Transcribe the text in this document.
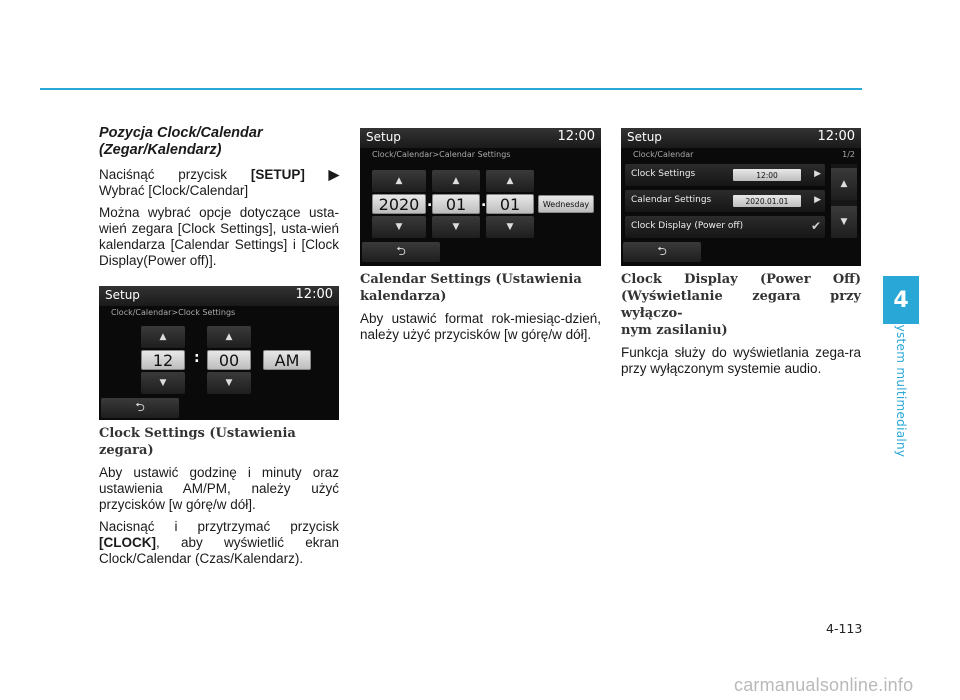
4
System multimedialny
Pozycja Clock/Calendar
(Zegar/Kalendarz)
Naciśnąć przycisk [SETUP] ▶
Wybrać [Clock/Calendar]
Można wybrać opcje dotyczące usta-wień zegara [Clock Settings], usta-wień kalendarza [Calendar Settings] i [Clock Display(Power off)].
Setup	12:00
Clock/Calendar>Clock Settings
▲	▲
12	:	00	AM
▼	▼
⮌
Clock Settings (Ustawienia zegara)
Aby ustawić godzinę i minuty oraz ustawienia AM/PM, należy użyć przycisków [w górę/w dół].
Nacisnąć i przytrzymać przycisk [CLOCK], aby wyświetlić ekran Clock/Calendar (Czas/Kalendarz).
Setup	12:00
Clock/Calendar>Calendar Settings
▲	▲	▲
2020 . 01	. 01	Wednesday
▼	▼	▼
⮌
Calendar Settings (Ustawienia
kalendarza)
Aby ustawić format rok-miesiąc-dzień, należy użyć przycisków [w górę/w dół].
Setup	12:00
Clock/Calendar	1/2
Clock Settings	12:00	▶
Calendar Settings	2020.01.01	▶
Clock Display (Power off)	✔
▲
▼
⮌
Clock Display (Power Off)
(Wyświetlanie zegara przy wyłączo-
nym zasilaniu)
Funkcja służy do wyświetlania zega-ra przy wyłączonym systemie audio.
4-113
carmanualsonline.info
